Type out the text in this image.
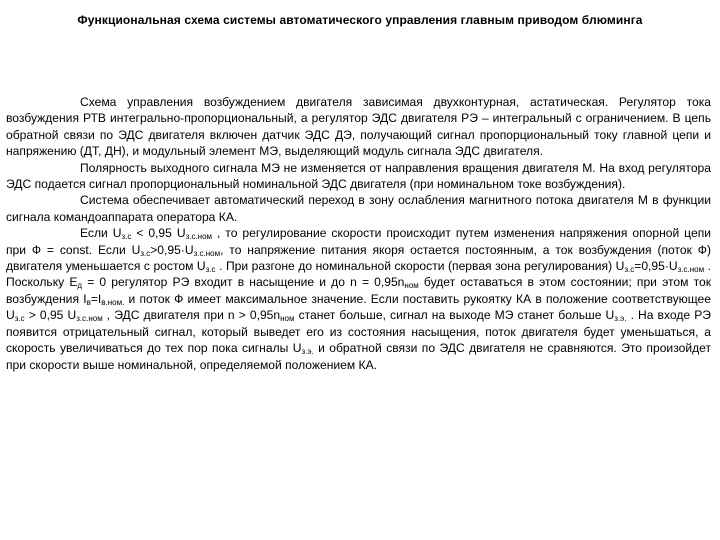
Функциональная схема системы автоматического управления главным приводом блюминга

Схема управления возбуждением двигателя зависимая двухконтурная, астатическая. Регулятор тока возбуждения РТВ интегрально-пропорциональный, а регулятор ЭДС двигателя РЭ – интегральный с ограничением. В цепь обратной связи по ЭДС двигателя включен датчик ЭДС ДЭ, получающий сигнал пропорциональный току главной цепи и напряжению (ДТ, ДН), и модульный элемент МЭ, выделяющий модуль сигнала ЭДС двигателя.

Полярность выходного сигнала МЭ не изменяется от направления вращения двигателя М. На вход регулятора ЭДС подается сигнал пропорциональный номинальной ЭДС двигателя (при номинальном токе возбуждения).

Система обеспечивает автоматический переход в зону ослабления магнитного потока двигателя М в функции сигнала командоаппарата оператора КА.

Если $U_{з.с} < 0,95$ $U_{з.с.ном}$ , то регулирование скорости происходит путем изменения напряжения опорной цепи при Ф = const. Если $U_{з.с}>0,95\cdot U_{з.с.ном}$, то напряжение питания якоря остается постоянным, а ток возбуждения (поток Ф) двигателя уменьшается с ростом $U_{з.с}$ . При разгоне до номинальной скорости (первая зона регулирования) $U_{з.с}=0,95\cdot U_{з.с.ном}$ . Поскольку $E_д = 0$ регулятор РЭ входит в насыщение и до $n = 0,95n_{ном}$ будет оставаться в этом состоянии; при этом ток возбуждения $I_в=I_{в.ном.}$ и поток Ф имеет максимальное значение. Если поставить рукоятку КА в положение соответствующее $U_{з.с} > 0,95$ $U_{з.с.ном}$ , ЭДС двигателя при $n > 0,95n_{ном}$ станет больше, сигнал на выходе МЭ станет больше $U_{з.э.}$ . На входе РЭ появится отрицательный сигнал, который выведет его из состояния насыщения, поток двигателя будет уменьшаться, а скорость увеличиваться до тех пор пока сигналы $U_{з.э.}$ и обратной связи по ЭДС двигателя не сравняются. Это произойдет при скорости выше номинальной, определяемой положением КА.
